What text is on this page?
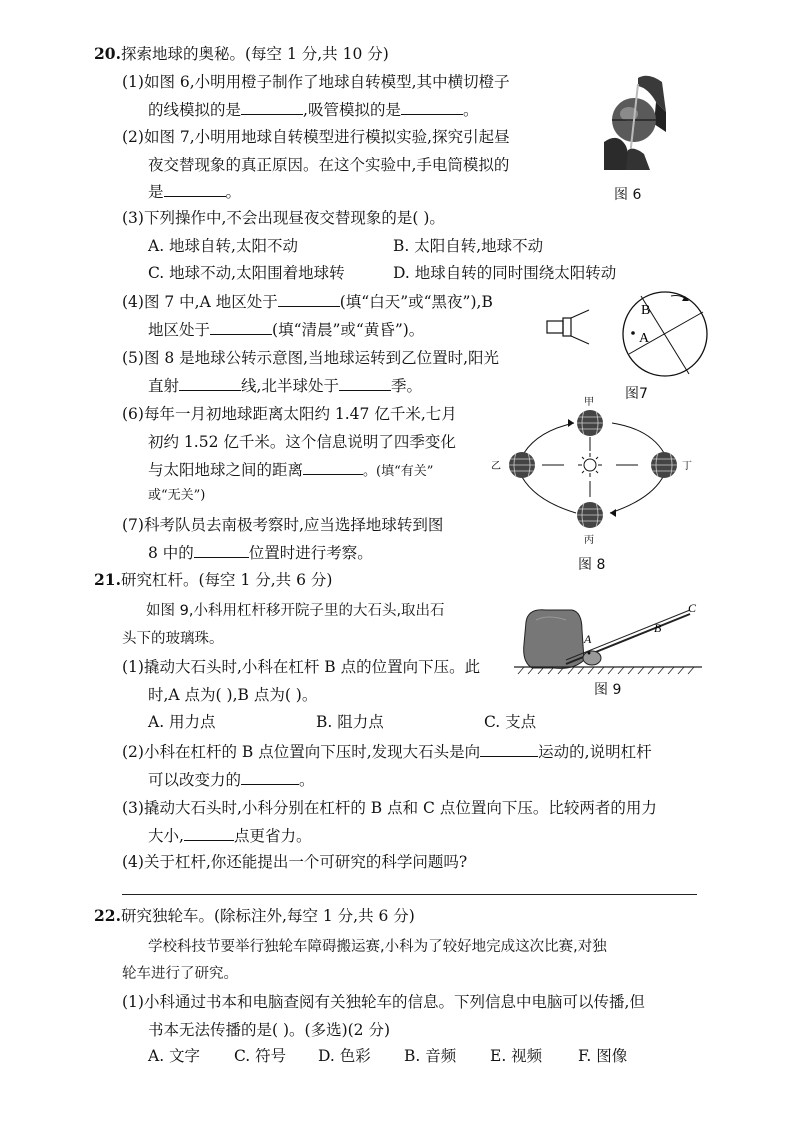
20.探索地球的奥秘。(每空 1 分,共 10 分)
(1)如图 6,小明用橙子制作了地球自转模型,其中横切橙子
的线模拟的是	,吸管模拟的是	。
(2)如图 7,小明用地球自转模型进行模拟实验,探究引起昼
夜交替现象的真正原因。在这个实验中,手电筒模拟的
是	。
(3)下列操作中,不会出现昼夜交替现象的是( )。
A. 地球自转,太阳不动	B. 太阳自转,地球不动
C. 地球不动,太阳围着地球转	D. 地球自转的同时围绕太阳转动
(4)图 7 中,A 地区处于	(填“白天”或“黑夜”),B
地区处于	(填“清晨”或“黄昏”)。
(5)图 8 是地球公转示意图,当地球运转到乙位置时,阳光
直射	线,北半球处于	季。
(6)每年一月初地球距离太阳约 1.47 亿千米,七月
初约 1.52 亿千米。这个信息说明了四季变化
与太阳地球之间的距离	。(填“有关”
或“无关”)
(7)科考队员去南极考察时,应当选择地球转到图
8 中的	位置时进行考察。
图 6
B
A
图7
甲
乙
丙
丁
图 8
21.研究杠杆。(每空 1 分,共 6 分)
如图 9,小科用杠杆移开院子里的大石头,取出石
头下的玻璃珠。	A
B
C
图 9
(1)撬动大石头时,小科在杠杆 B 点的位置向下压。此
时,A 点为( ),B 点为( )。
A. 用力点	B. 阻力点	C. 支点
(2)小科在杠杆的 B 点位置向下压时,发现大石头是向	运动的,说明杠杆
可以改变力的	。
(3)撬动大石头时,小科分别在杠杆的 B 点和 C 点位置向下压。比较两者的用力
大小,	点更省力。
(4)关于杠杆,你还能提出一个可研究的科学问题吗?
22.研究独轮车。(除标注外,每空 1 分,共 6 分)
学校科技节要举行独轮车障碍搬运赛,小科为了较好地完成这次比赛,对独
轮车进行了研究。
(1)小科通过书本和电脑查阅有关独轮车的信息。下列信息中电脑可以传播,但
书本无法传播的是( )。(多选)(2 分)
A. 文字 C. 符号 D. 色彩 B. 音频 E. 视频 F. 图像
